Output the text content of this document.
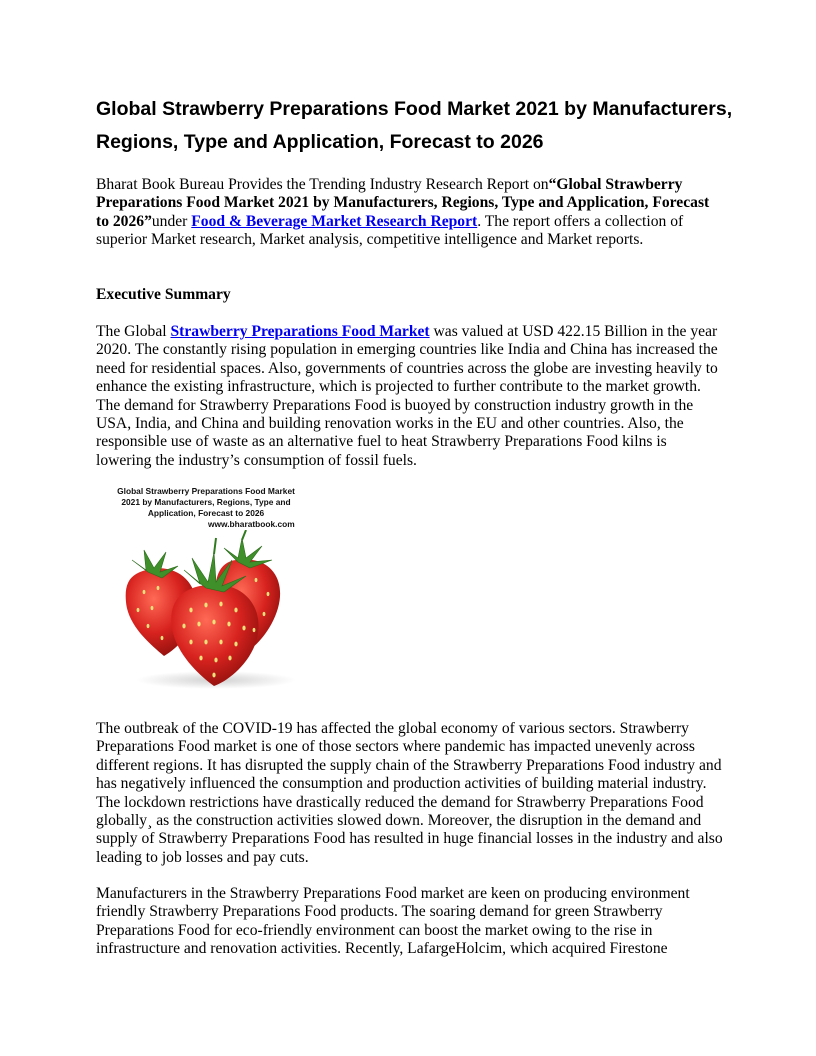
Global Strawberry Preparations Food Market 2021 by Manufacturers,
Regions, Type and Application, Forecast to 2026

Bharat Book Bureau Provides the Trending Industry Research Report on“Global Strawberry Preparations Food Market 2021 by Manufacturers, Regions, Type and Application, Forecast to 2026”under Food & Beverage Market Research Report. The report offers a collection of superior Market research, Market analysis, competitive intelligence and Market reports.

Executive Summary

The Global Strawberry Preparations Food Market was valued at USD 422.15 Billion in the year 2020. The constantly rising population in emerging countries like India and China has increased the need for residential spaces. Also, governments of countries across the globe are investing heavily to enhance the existing infrastructure, which is projected to further contribute to the market growth. The demand for Strawberry Preparations Food is buoyed by construction industry growth in the USA, India, and China and building renovation works in the EU and other countries. Also, the responsible use of waste as an alternative fuel to heat Strawberry Preparations Food kilns is lowering the industry’s consumption of fossil fuels.

Global Strawberry Preparations Food Market
2021 by Manufacturers, Regions, Type and
Application, Forecast to 2026
www.bharatbook.com

The outbreak of the COVID-19 has affected the global economy of various sectors. Strawberry Preparations Food market is one of those sectors where pandemic has impacted unevenly across different regions. It has disrupted the supply chain of the Strawberry Preparations Food industry and has negatively influenced the consumption and production activities of building material industry. The lockdown restrictions have drastically reduced the demand for Strawberry Preparations Food globally¸ as the construction activities slowed down. Moreover, the disruption in the demand and supply of Strawberry Preparations Food has resulted in huge financial losses in the industry and also leading to job losses and pay cuts.

Manufacturers in the Strawberry Preparations Food market are keen on producing environment friendly Strawberry Preparations Food products. The soaring demand for green Strawberry Preparations Food for eco-friendly environment can boost the market owing to the rise in infrastructure and renovation activities. Recently, LafargeHolcim, which acquired Firestone
